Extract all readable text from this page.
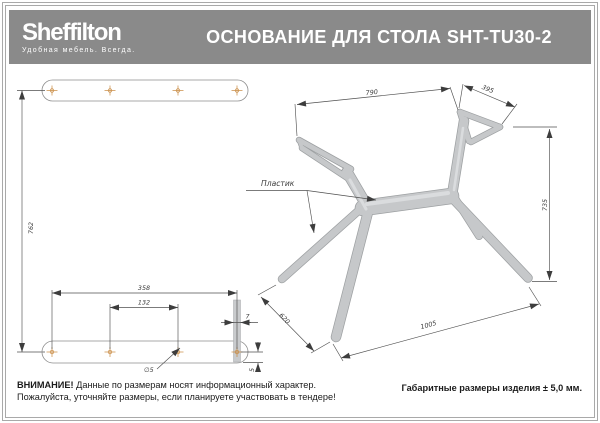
Sheffilton
Удобная мебель. Всегда.
ОСНОВАНИЕ ДЛЯ СТОЛА SHT-TU30-2
762
790	395
735
620	1005
Пластик
358
132
∅5
7
5
ВНИМАНИЕ! Данные по размерам носят информационный характер.
Пожалуйста, уточняйте размеры, если планируете участвовать в тендере!
Габаритные размеры изделия ± 5,0 мм.
